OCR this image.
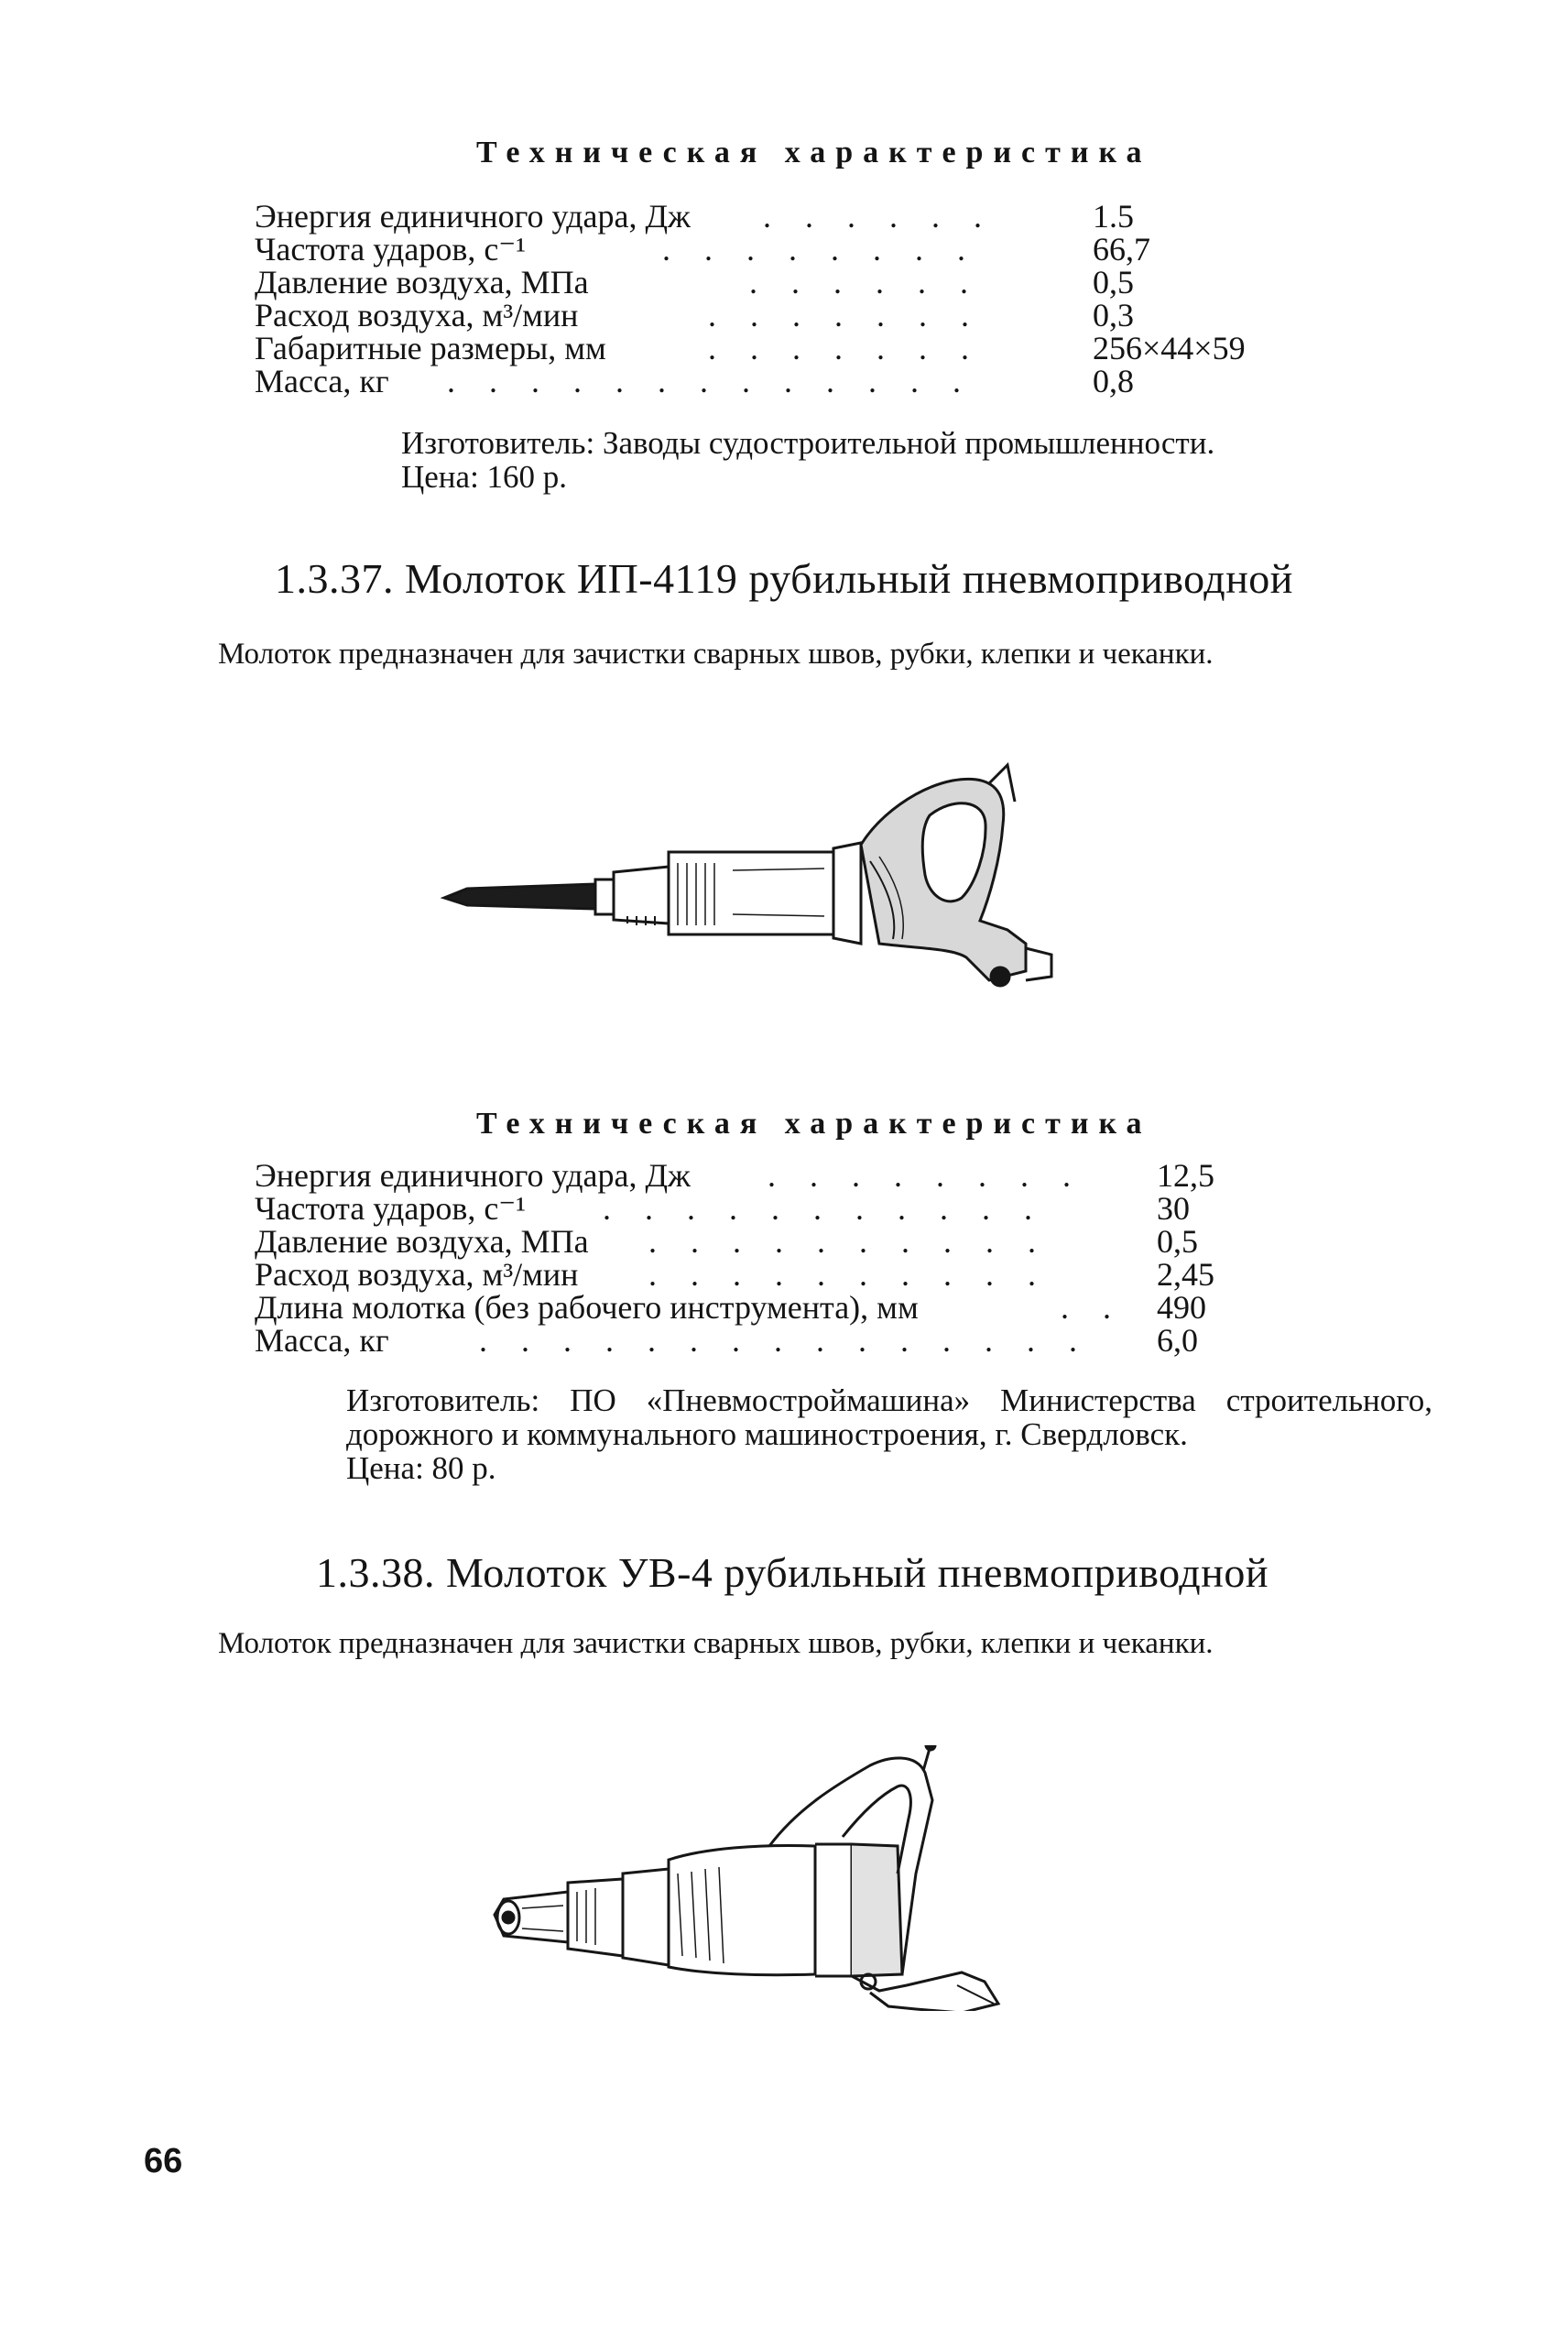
Техническая характеристика
Энергия единичного удара, Дж . . . . . .	1.5
Частота ударов, с⁻¹	. . . . . . . .	66,7
Давление воздуха, МПа	. . . . . .	0,5
Расход воздуха, м³/мин	. . . . . . .	0,3
Габаритные размеры, мм	. . . . . . .	256×44×59
Масса, кг . . . . . . . . . . . . .	0,8
Изготовитель: Заводы судостроительной промышленности.
Цена: 160 р.
1.3.37. Молоток ИП-4119 рубильный пневмоприводной
Молоток предназначен для зачистки сварных швов, рубки, клепки и чеканки.
Техническая характеристика
Энергия единичного удара, Дж . . . . . . . . 12,5
Частота ударов, с⁻¹ . . . . . . . . . . .	30
Давление воздуха, МПа . . . . . . . . . .	0,5
Расход воздуха, м³/мин . . . . . . . . . .	2,45
Длина молотка (без рабочего инструмента), мм	. . 490
Масса, кг	. . . . . . . . . . . . . . . 6,0
Изготовитель: ПО «Пневмостроймашина» Министерства строительного, дорожного и коммунального машиностроения, г. Свердловск.
Цена: 80 р.
1.3.38. Молоток УВ-4 рубильный пневмоприводной
Молоток предназначен для зачистки сварных швов, рубки, клепки и чеканки.
66
